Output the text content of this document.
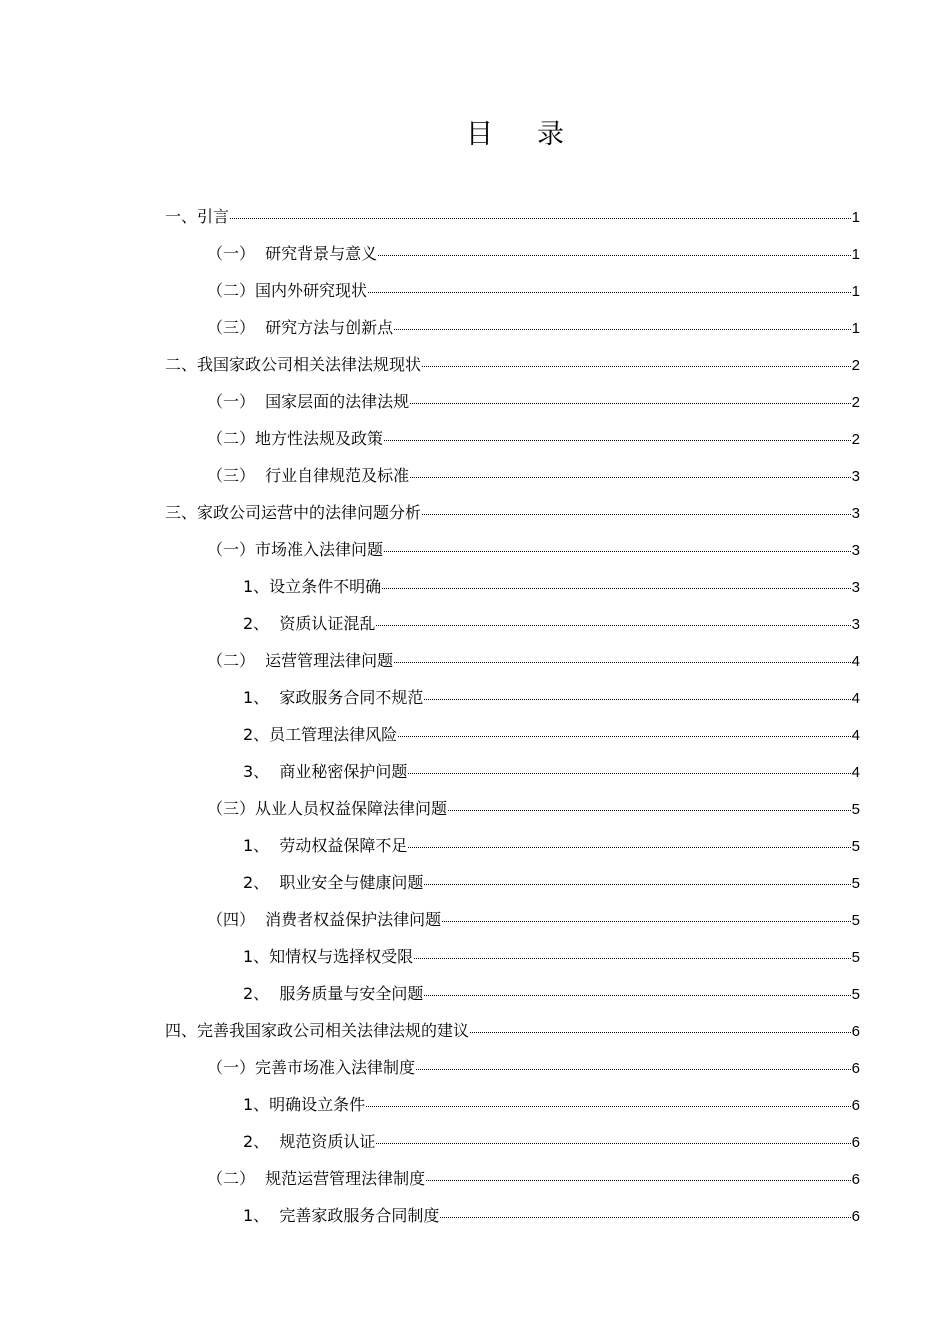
目 录
一、引言	1
（一）  研究背景与意义	1
（二）国内外研究现状	1
（三）  研究方法与创新点	1
二、我国家政公司相关法律法规现状	2
（一）  国家层面的法律法规	2
（二）地方性法规及政策	2
（三）  行业自律规范及标准	3
三、家政公司运营中的法律问题分析	3
（一）市场准入法律问题	3
1、设立条件不明确	3
2、  资质认证混乱	3
（二）  运营管理法律问题	4
1、  家政服务合同不规范	4
2、员工管理法律风险	4
3、  商业秘密保护问题	4
（三）从业人员权益保障法律问题	5
1、  劳动权益保障不足	5
2、  职业安全与健康问题	5
（四）  消费者权益保护法律问题	5
1、知情权与选择权受限	5
2、  服务质量与安全问题	5
四、完善我国家政公司相关法律法规的建议	6
（一）完善市场准入法律制度	6
1、明确设立条件	6
2、  规范资质认证	6
（二）  规范运营管理法律制度	6
1、  完善家政服务合同制度	6
